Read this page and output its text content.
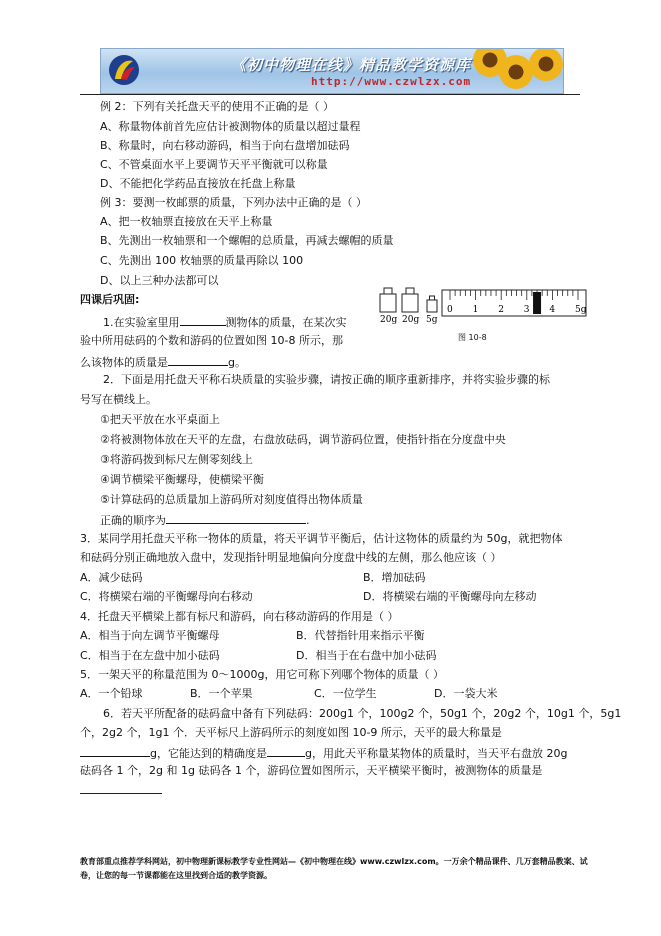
《初中物理在线》精品教学资源库
http://www.czwlzx.com
例 2：下列有关托盘天平的使用不正确的是（ ）
A、称量物体前首先应估计被测物体的质量以超过量程
B、称量时，向右移动游码，相当于向右盘增加砝码
C、不管桌面水平上要调节天平平衡就可以称量
D、不能把化学药品直接放在托盘上称量
例 3：要测一枚邮票的质量，下列办法中正确的是（ ）
A、把一枚轴票直接放在天平上称量
B、先测出一枚轴票和一个螺帽的总质量，再减去螺帽的质量
C、先测出 100 枚轴票的质量再除以 100
D、以上三种办法都可以
四课后巩固:
1.在实验室里用	测物体的质量，在某次实
验中所用砝码的个数和游码的位置如图 10-8 所示，那
么该物体的质量是	g。
20g 20g 5g
0 1 2 3 4 5g
图 10-8
2．下面是用托盘天平称石块质量的实验步骤，请按正确的顺序重新排序，并将实验步骤的标
号写在横线上。
①把天平放在水平桌面上
②将被测物体放在天平的左盘，右盘放砝码，调节游码位置，使指针指在分度盘中央
③将游码拨到标尺左侧零刻线上
④调节横梁平衡螺母，使横梁平衡
⑤计算砝码的总质量加上游码所对刻度值得出物体质量
正确的顺序为	.
3．某同学用托盘天平称一物体的质量，将天平调节平衡后，估计这物体的质量约为 50g，就把物体
和砝码分别正确地放入盘中，发现指针明显地偏向分度盘中线的左侧，那么他应该（ ）
A．减少砝码	B．增加砝码
C．将横梁右端的平衡螺母向右移动	D．将横梁右端的平衡螺母向左移动
4．托盘天平横梁上都有标尺和游码，向右移动游码的作用是（ ）
A．相当于向左调节平衡螺母	B．代替指针用来指示平衡
C．相当于在左盘中加小砝码	D．相当于在右盘中加小砝码
5．一架天平的称量范围为 0～1000g，用它可称下列哪个物体的质量（ ）
A．一个铅球	B．一个苹果	C．一位学生	D．一袋大米
6．若天平所配备的砝码盒中备有下列砝码：200g1 个，100g2 个，50g1 个，20g2 个，10g1 个，5g1
个，2g2 个，1g1 个．天平标尺上游码所示的刻度如图 10-9 所示，天平的最大称量是
g，它能达到的精确度是	g，用此天平称量某物体的质量时，当天平右盘放 20g
砝码各 1 个，2g 和 1g 砝码各 1 个，游码位置如图所示，天平横梁平衡时，被测物体的质量是
教育部重点推荐学科网站，初中物理新课标教学专业性网站—《初中物理在线》www.czwlzx.com。一万余个精品课件、几万套精品教案、试卷，让您的每一节课都能在这里找到合适的教学资源。
